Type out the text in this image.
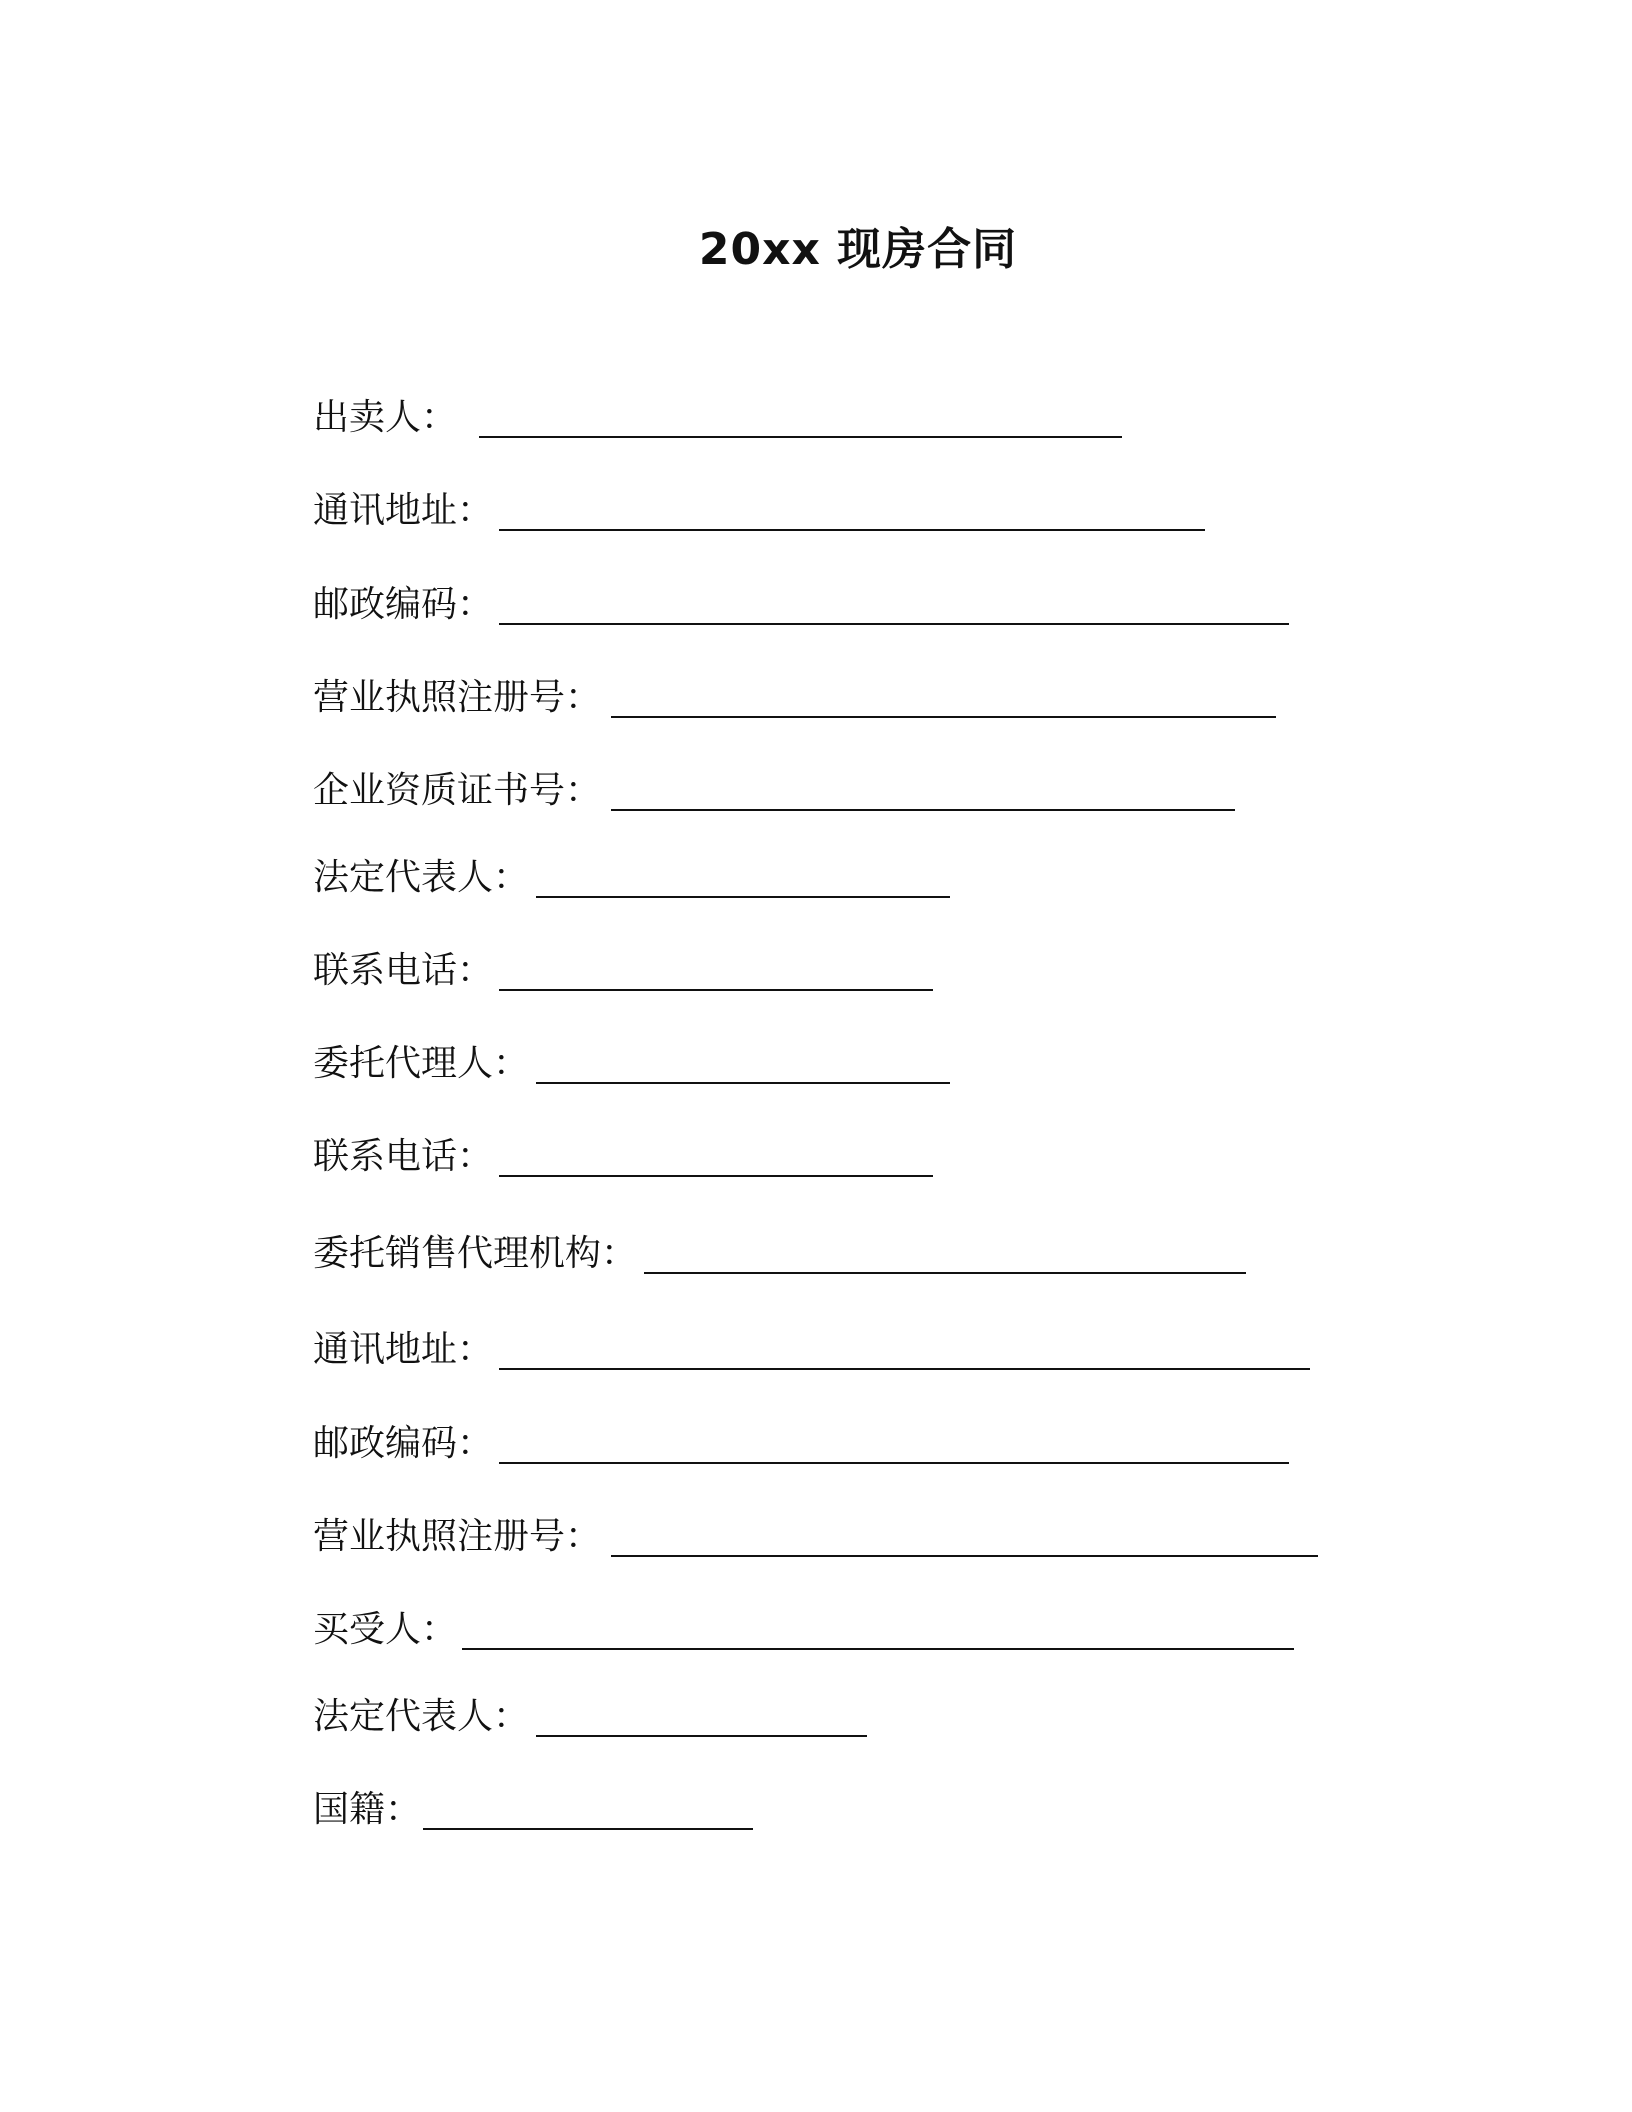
20xx 现房合同
出卖人 ：
通讯地址 ：
邮政编码 ：
营业执照注册号 ：
企业资质证书号 ：
法定代表人 ：
联系电话 ：
委托代理人 ：
联系电话 ：
委托销售代理机构 ：
通讯地址 ：
邮政编码 ：
营业执照注册号 ：
买受人 ：
法定代表人 ：
国籍 ：
